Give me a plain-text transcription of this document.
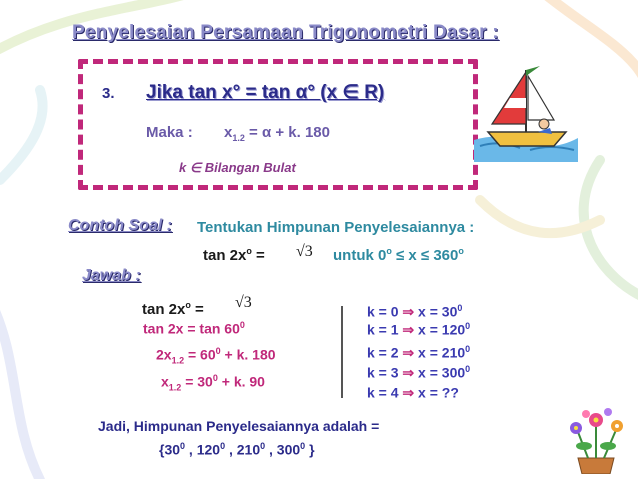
Penyelesaian Persamaan Trigonometri Dasar :
3. Jika tan x° = tan α° (x ∈ R)
Maka : $x_{1.2} = \alpha + k$. 180
k ∈ Bilangan Bulat
Contoh Soal : Tentukan Himpunan Penyelesaiannya :
$\tan 2x^o = √3$ untuk $0^o \le x \le 360^o$
Jawab :
$\tan 2x^o = √3$
$\tan 2x = \tan 60^0$
$2x_{1.2} = 60^0 + k$. 180
$x_{1.2} = 30^0 + k$. 90
k = 0 ⇒ $x = 30^0$
k = 1 ⇒ $x = 120^0$
k = 2 ⇒ $x = 210^0$
k = 3 ⇒ $x = 300^0$
k = 4 ⇒ x = ??
Jadi, Himpunan Penyelesaiannya adalah =
{$30^0$ , $120^0$ , $210^0$ , $300^0$ }
